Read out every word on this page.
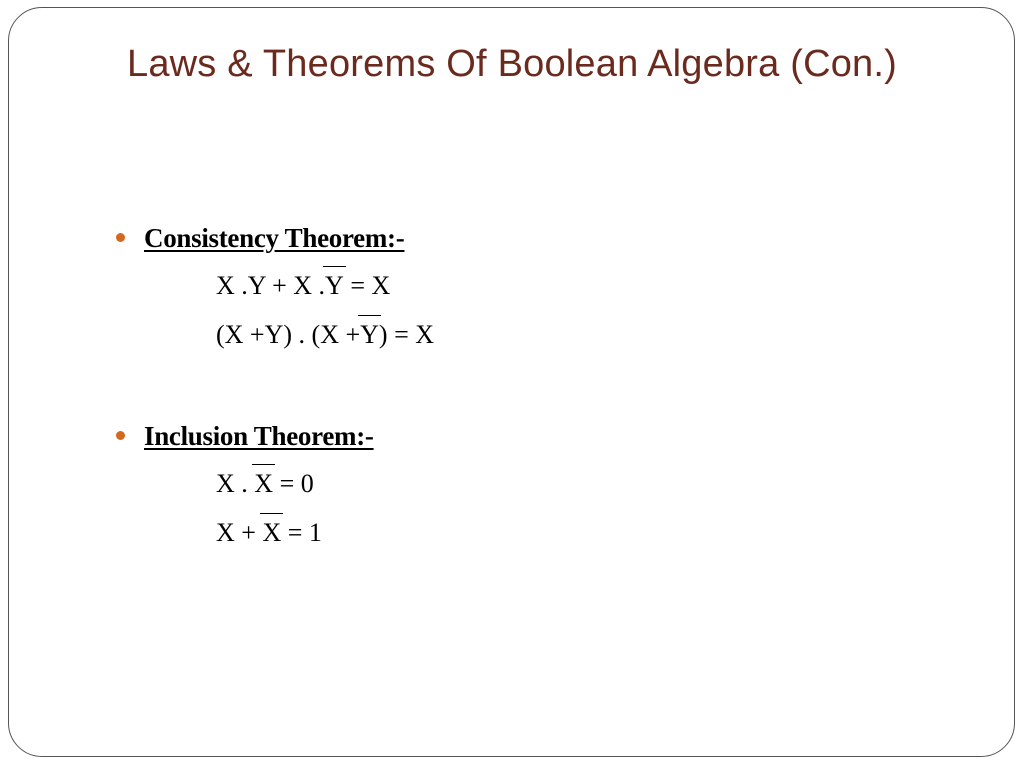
Laws & Theorems Of Boolean Algebra (Con.)
Consistency Theorem:-
X .Y + X .Y = X
(X +Y) . (X +Y) = X
Inclusion Theorem:-
X . X = 0
X + X = 1
